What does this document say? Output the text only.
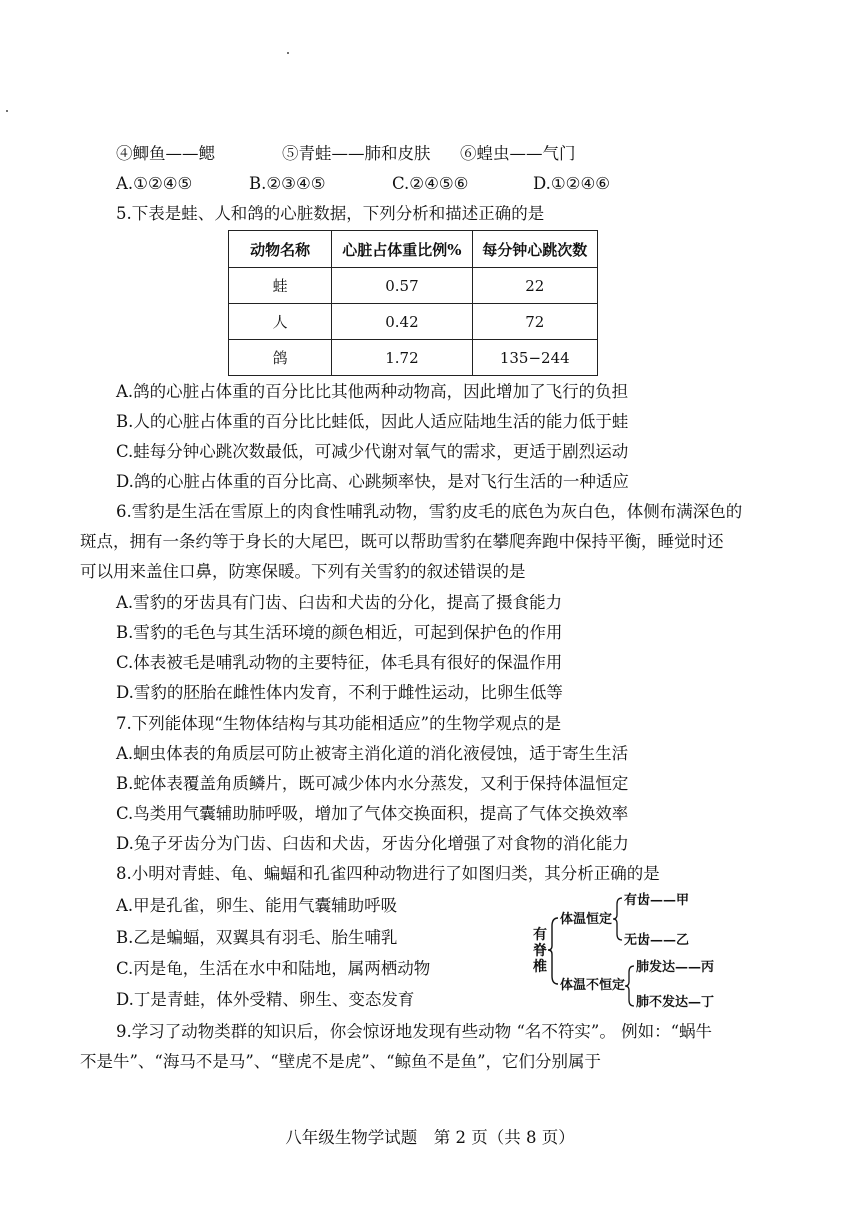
④鲫鱼——鳃	⑤青蛙——肺和皮肤 ⑥蝗虫——气门
A.①②④⑤	B.②③④⑤	C.②④⑤⑥	D.①②④⑥
5.下表是蛙、人和鸽的心脏数据，下列分析和描述正确的是
动物名称	心脏占体重比例%	每分钟心跳次数
蛙	0.57	22
人	0.42	72
鸽	1.72	135−244
A.鸽的心脏占体重的百分比比其他两种动物高，因此增加了飞行的负担
B.人的心脏占体重的百分比比蛙低，因此人适应陆地生活的能力低于蛙
C.蛙每分钟心跳次数最低，可减少代谢对氧气的需求，更适于剧烈运动
D.鸽的心脏占体重的百分比高、心跳频率快，是对飞行生活的一种适应
6.雪豹是生活在雪原上的肉食性哺乳动物，雪豹皮毛的底色为灰白色，体侧布满深色的
斑点，拥有一条约等于身长的大尾巴，既可以帮助雪豹在攀爬奔跑中保持平衡，睡觉时还
可以用来盖住口鼻，防寒保暖。下列有关雪豹的叙述错误的是
A.雪豹的牙齿具有门齿、臼齿和犬齿的分化，提高了摄食能力
B.雪豹的毛色与其生活环境的颜色相近，可起到保护色的作用
C.体表被毛是哺乳动物的主要特征，体毛具有很好的保温作用
D.雪豹的胚胎在雌性体内发育，不利于雌性运动，比卵生低等
7.下列能体现“生物体结构与其功能相适应”的生物学观点的是
A.蛔虫体表的角质层可防止被寄主消化道的消化液侵蚀，适于寄生生活
B.蛇体表覆盖角质鳞片，既可减少体内水分蒸发，又利于保持体温恒定
C.鸟类用气囊辅助肺呼吸，增加了气体交换面积，提高了气体交换效率
D.兔子牙齿分为门齿、臼齿和犬齿，牙齿分化增强了对食物的消化能力
8.小明对青蛙、龟、蝙蝠和孔雀四种动物进行了如图归类，其分析正确的是
A.甲是孔雀，卵生、能用气囊辅助呼吸
B.乙是蝙蝠，双翼具有羽毛、胎生哺乳
C.丙是龟，生活在水中和陆地，属两栖动物
D.丁是青蛙，体外受精、卵生、变态发育
有
脊
椎
体温恒定
体温不恒定
有齿——甲
无齿——乙
肺发达——丙
肺不发达—丁
9.学习了动物类群的知识后，你会惊讶地发现有些动物 “名不符实”。 例如：“蜗牛
不是牛”、“海马不是马”、“壁虎不是虎”、“鲸鱼不是鱼”，它们分别属于
八年级生物学试题　第 2 页（共 8 页）
